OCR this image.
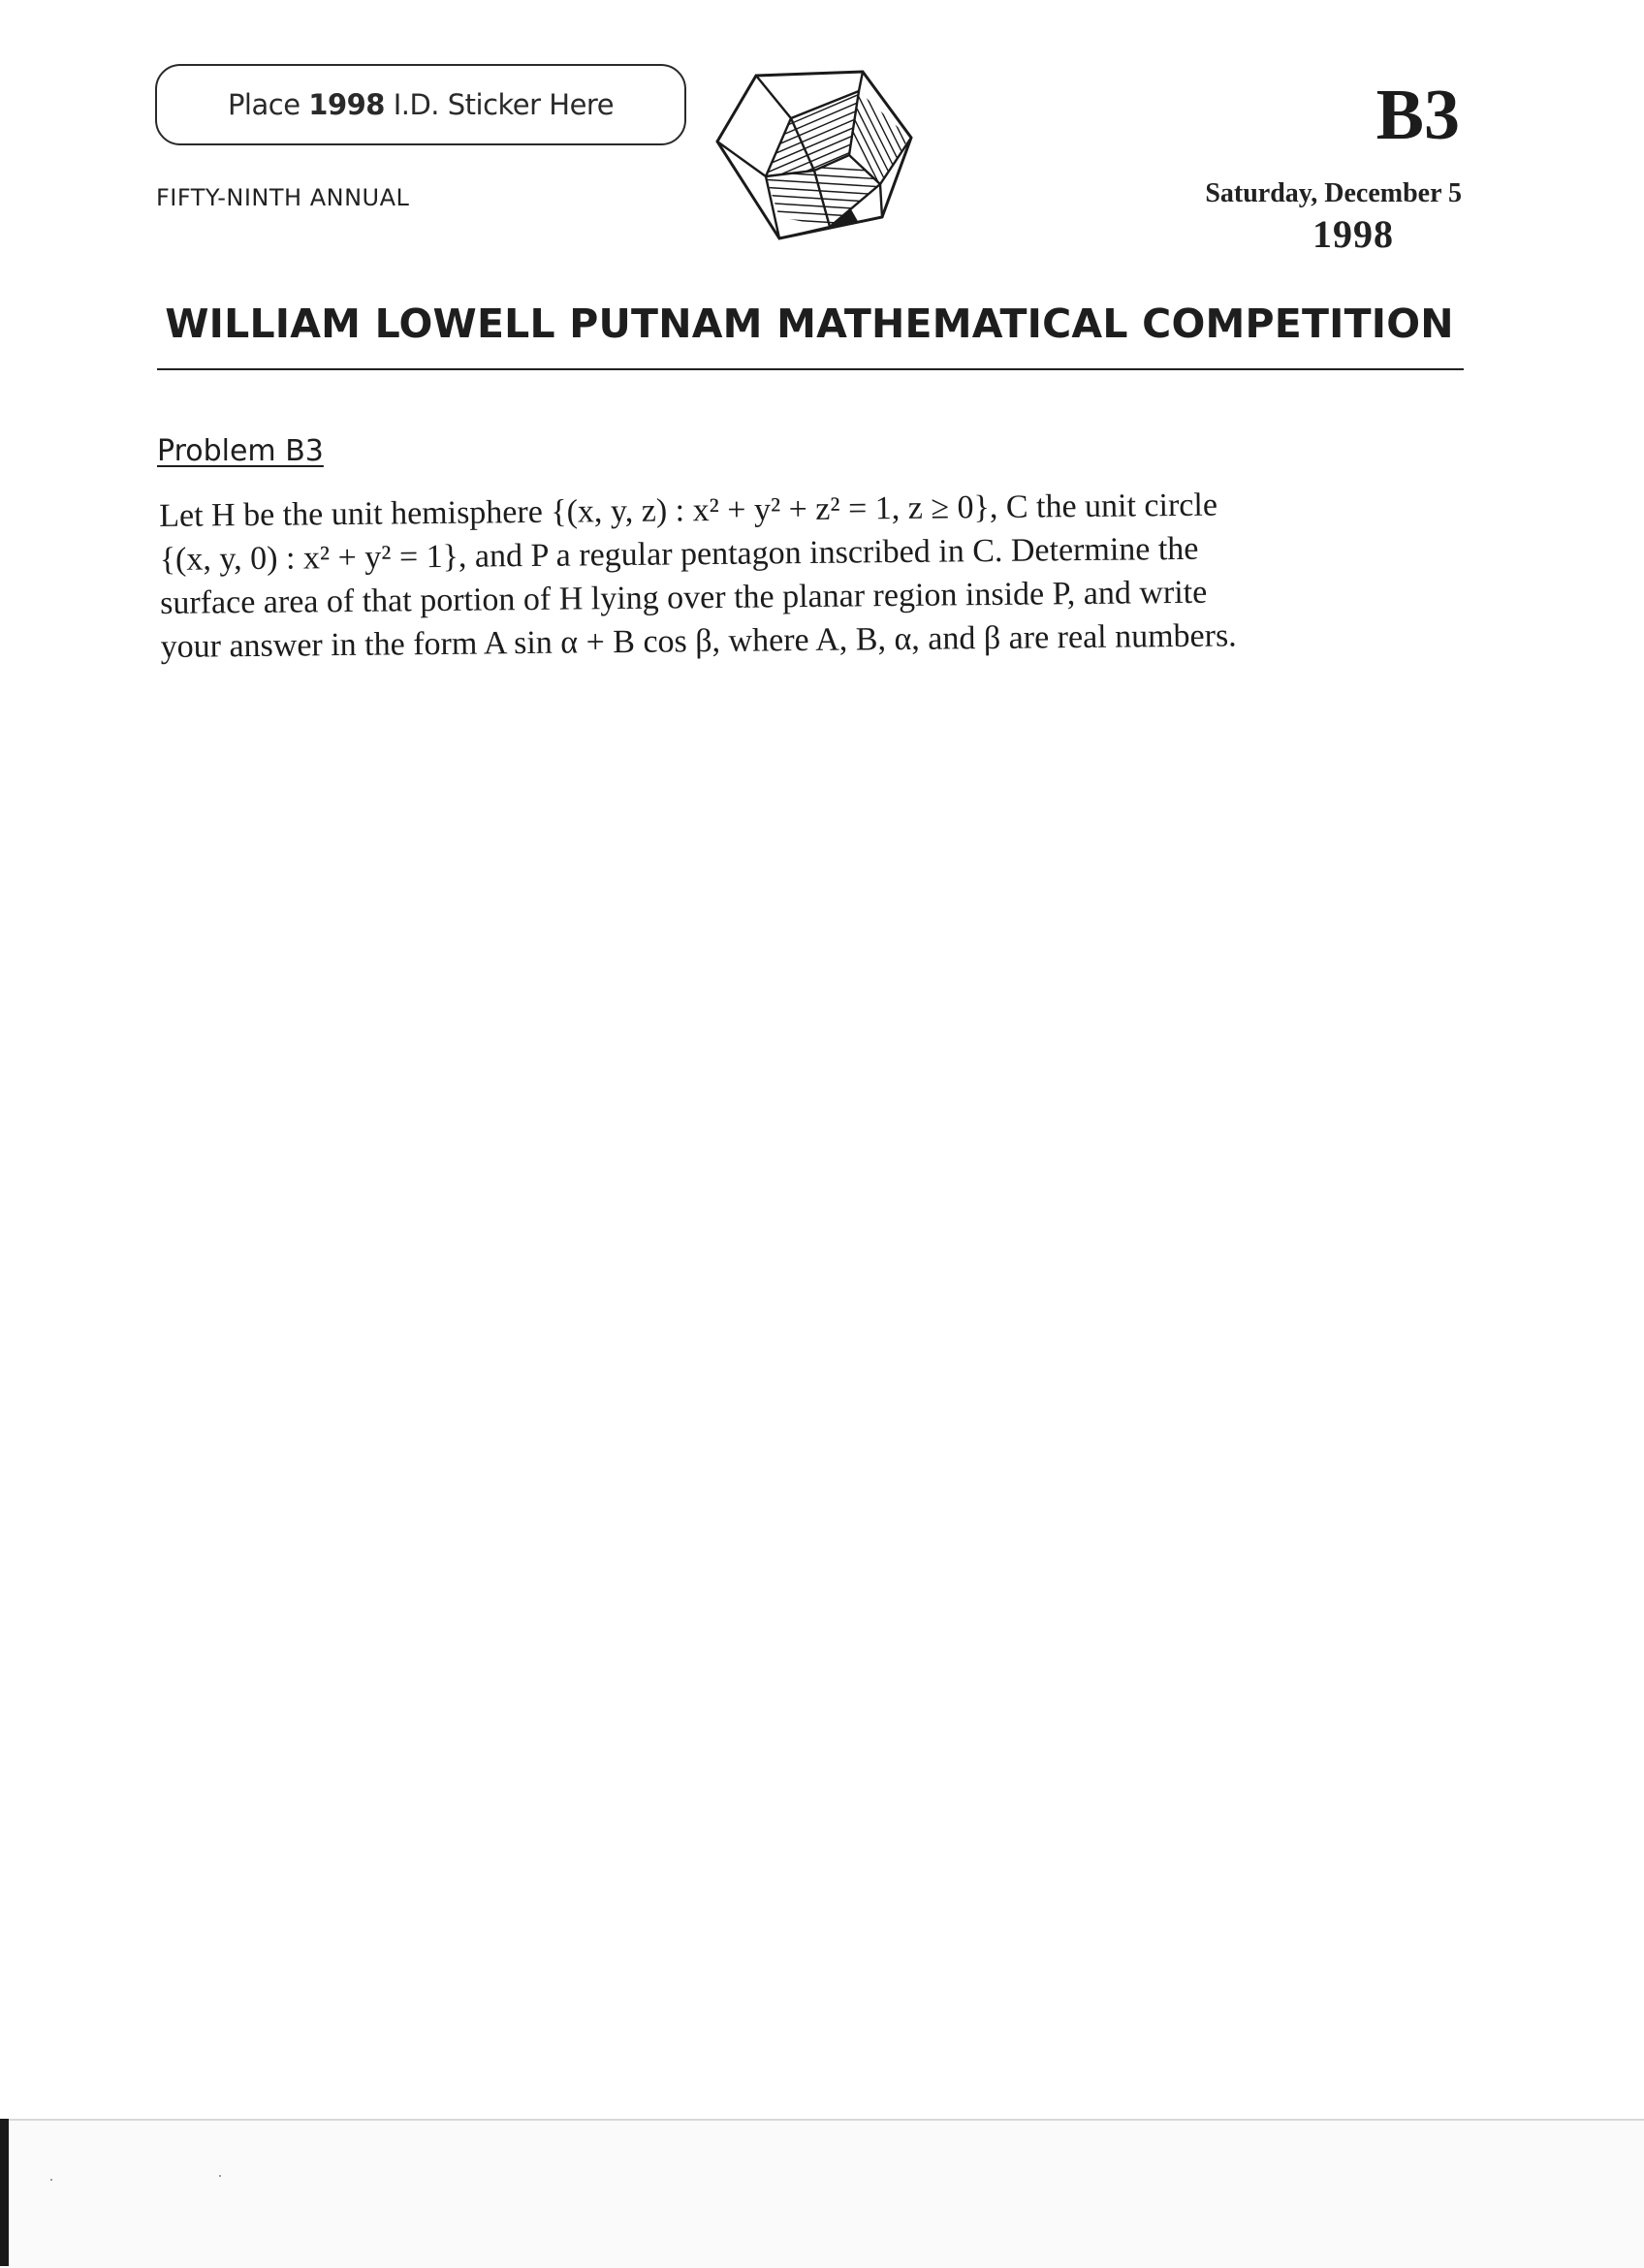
Place 1998 I.D. Sticker Here
FIFTY-NINTH ANNUAL
B3
Saturday, December 5
1998
WILLIAM LOWELL PUTNAM MATHEMATICAL COMPETITION
Problem B3
Let H be the unit hemisphere {(x, y, z) : x² + y² + z² = 1, z ≥ 0}, C the unit circle
{(x, y, 0) : x² + y² = 1}, and P a regular pentagon inscribed in C. Determine the
surface area of that portion of H lying over the planar region inside P, and write
your answer in the form A sin α + B cos β, where A, B, α, and β are real numbers.
